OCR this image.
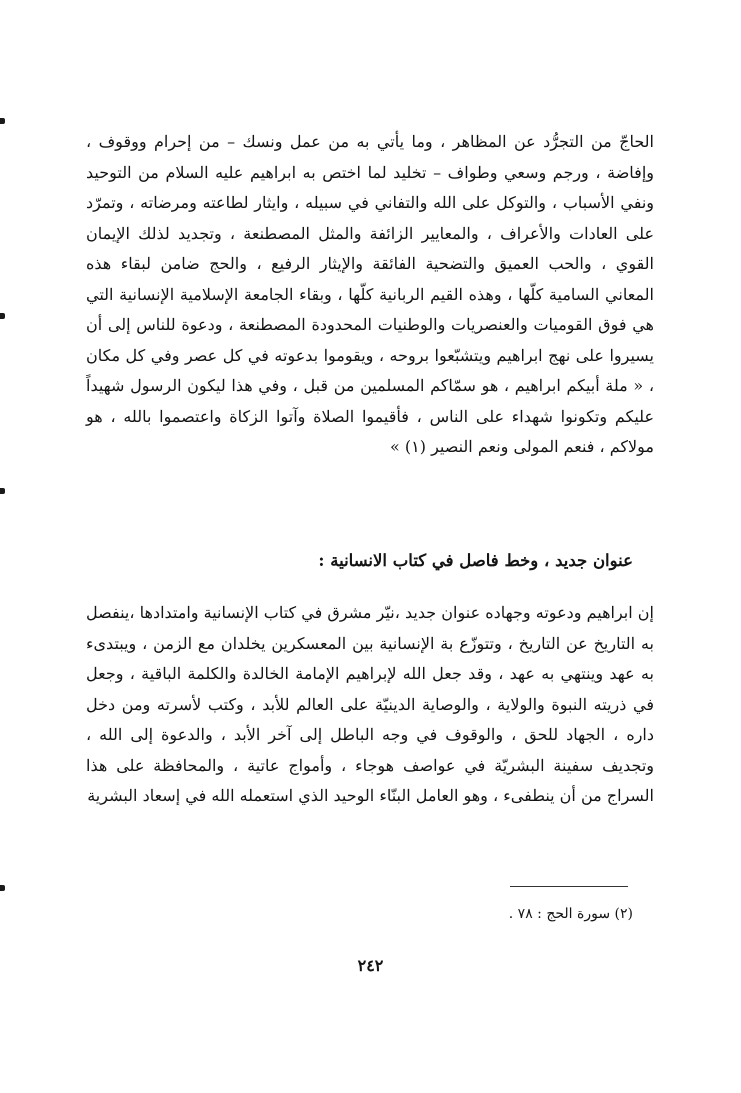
الحاجّ من التجرُّد عن المظاهر ، وما يأتي به من عمل ونسك – من إحرام ووقوف ، وإفاضة ، ورجم وسعي وطواف – تخليد لما اختص به ابراهيم عليه السلام من التوحيد ونفي الأسباب ، والتوكل على الله والتفاني في سبيله ، وايثار لطاعته ومرضاته ، وتمرّد على العادات والأعراف ، والمعايير الزائفة والمثل المصطنعة ، وتجديد لذلك الإيمان القوي ، والحب العميق والتضحية الفائقة والإيثار الرفيع ، والحج ضامن لبقاء هذه المعاني السامية كلّها ، وهذه القيم الربانية كلّها ، وبقاء الجامعة الإسلامية الإنسانية التي هي فوق القوميات والعنصريات والوطنيات المحدودة المصطنعة ، ودعوة للناس إلى أن يسيروا على نهج ابراهيم ويتشبّعوا بروحه ، ويقوموا بدعوته في كل عصر وفي كل مكان ، « ملة أبيكم ابراهيم ، هو سمّاكم المسلمين من قبل ، وفي هذا ليكون الرسول شهيداً عليكم وتكونوا شهداء على الناس ، فأقيموا الصلاة وآتوا الزكاة واعتصموا بالله ، هو مولاكم ، فنعم المولى ونعم النصير (١) »

عنوان جديد ، وخط فاصل في كتاب الانسانية :

إن ابراهيم ودعوته وجهاده عنوان جديد ،نيّر مشرق في كتاب الإنسانية وامتدادها ،ينفصل به التاريخ عن التاريخ ، وتتوزّع بة الإنسانية بين المعسكرين يخلدان مع الزمن ، ويبتدىء به عهد وينتهي به عهد ، وقد جعل الله لإبراهيم الإمامة الخالدة والكلمة الباقية ، وجعل في ذريته النبوة والولاية ، والوصاية الدينيّة على العالم للأبد ، وكتب لأسرته ومن دخل داره ، الجهاد للحق ، والوقوف في وجه الباطل إلى آخر الأبد ، والدعوة إلى الله ، وتجديف سفينة البشريّة في عواصف هوجاء ، وأمواج عاتية ، والمحافظة على هذا السراج من أن ينطفىء ، وهو العامل البنّاء الوحيد الذي استعمله الله في إسعاد البشرية

(٢) سورة الحج : ٧٨ .

٢٤٢
